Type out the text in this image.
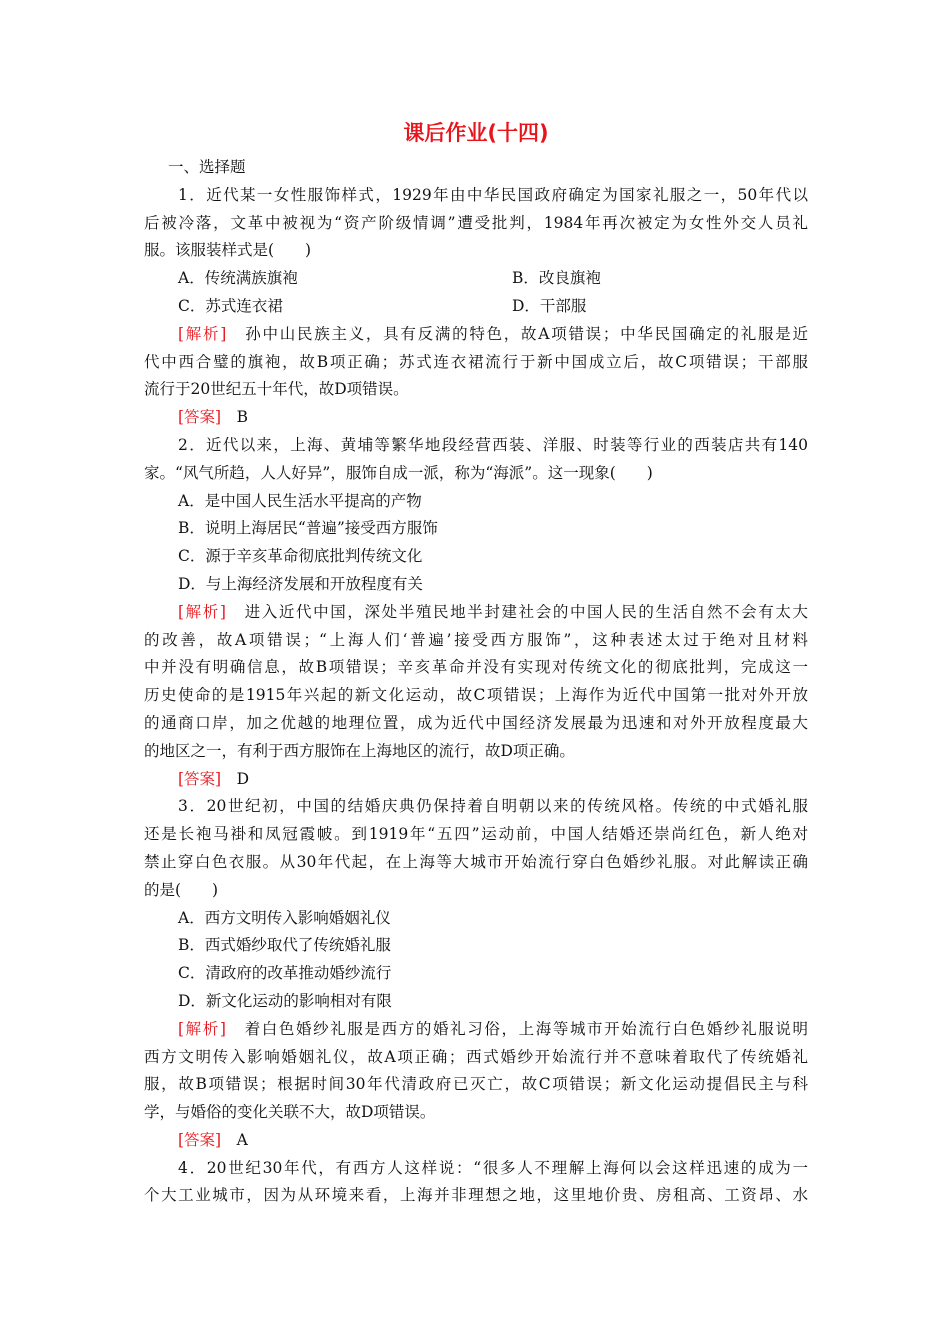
课后作业(十四)
一、选择题
1．近代某一女性服饰样式，1929年由中华民国政府确定为国家礼服之一，50年代以
后被冷落，文革中被视为“资产阶级情调”遭受批判，1984年再次被定为女性外交人员礼
服。该服装样式是(　　)
A．传统满族旗袍	B．改良旗袍
C．苏式连衣裙	D．干部服
[解析]　孙中山民族主义，具有反满的特色，故A项错误；中华民国确定的礼服是近
代中西合璧的旗袍，故B项正确；苏式连衣裙流行于新中国成立后，故C项错误；干部服
流行于20世纪五十年代，故D项错误。
[答案]　B
2．近代以来，上海、黄埔等繁华地段经营西装、洋服、时装等行业的西装店共有140
家。“风气所趋，人人好异”，服饰自成一派，称为“海派”。这一现象(　　)
A．是中国人民生活水平提高的产物
B．说明上海居民“普遍”接受西方服饰
C．源于辛亥革命彻底批判传统文化
D．与上海经济发展和开放程度有关
[解析]　进入近代中国，深处半殖民地半封建社会的中国人民的生活自然不会有太大
的改善，故A项错误；“上海人们‘普遍’接受西方服饰”，这种表述太过于绝对且材料
中并没有明确信息，故B项错误；辛亥革命并没有实现对传统文化的彻底批判，完成这一
历史使命的是1915年兴起的新文化运动，故C项错误；上海作为近代中国第一批对外开放
的通商口岸，加之优越的地理位置，成为近代中国经济发展最为迅速和对外开放程度最大
的地区之一，有利于西方服饰在上海地区的流行，故D项正确。
[答案]　D
3．20世纪初，中国的结婚庆典仍保持着自明朝以来的传统风格。传统的中式婚礼服
还是长袍马褂和凤冠霞帔。到1919年“五四”运动前，中国人结婚还崇尚红色，新人绝对
禁止穿白色衣服。从30年代起，在上海等大城市开始流行穿白色婚纱礼服。对此解读正确
的是(　　)
A．西方文明传入影响婚姻礼仪
B．西式婚纱取代了传统婚礼服
C．清政府的改革推动婚纱流行
D．新文化运动的影响相对有限
[解析]　着白色婚纱礼服是西方的婚礼习俗，上海等城市开始流行白色婚纱礼服说明
西方文明传入影响婚姻礼仪，故A项正确；西式婚纱开始流行并不意味着取代了传统婚礼
服，故B项错误；根据时间30年代清政府已灭亡，故C项错误；新文化运动提倡民主与科
学，与婚俗的变化关联不大，故D项错误。
[答案]　A
4．20世纪30年代，有西方人这样说：“很多人不理解上海何以会这样迅速的成为一
个大工业城市，因为从环境来看，上海并非理想之地，这里地价贵、房租高、工资昂、水
